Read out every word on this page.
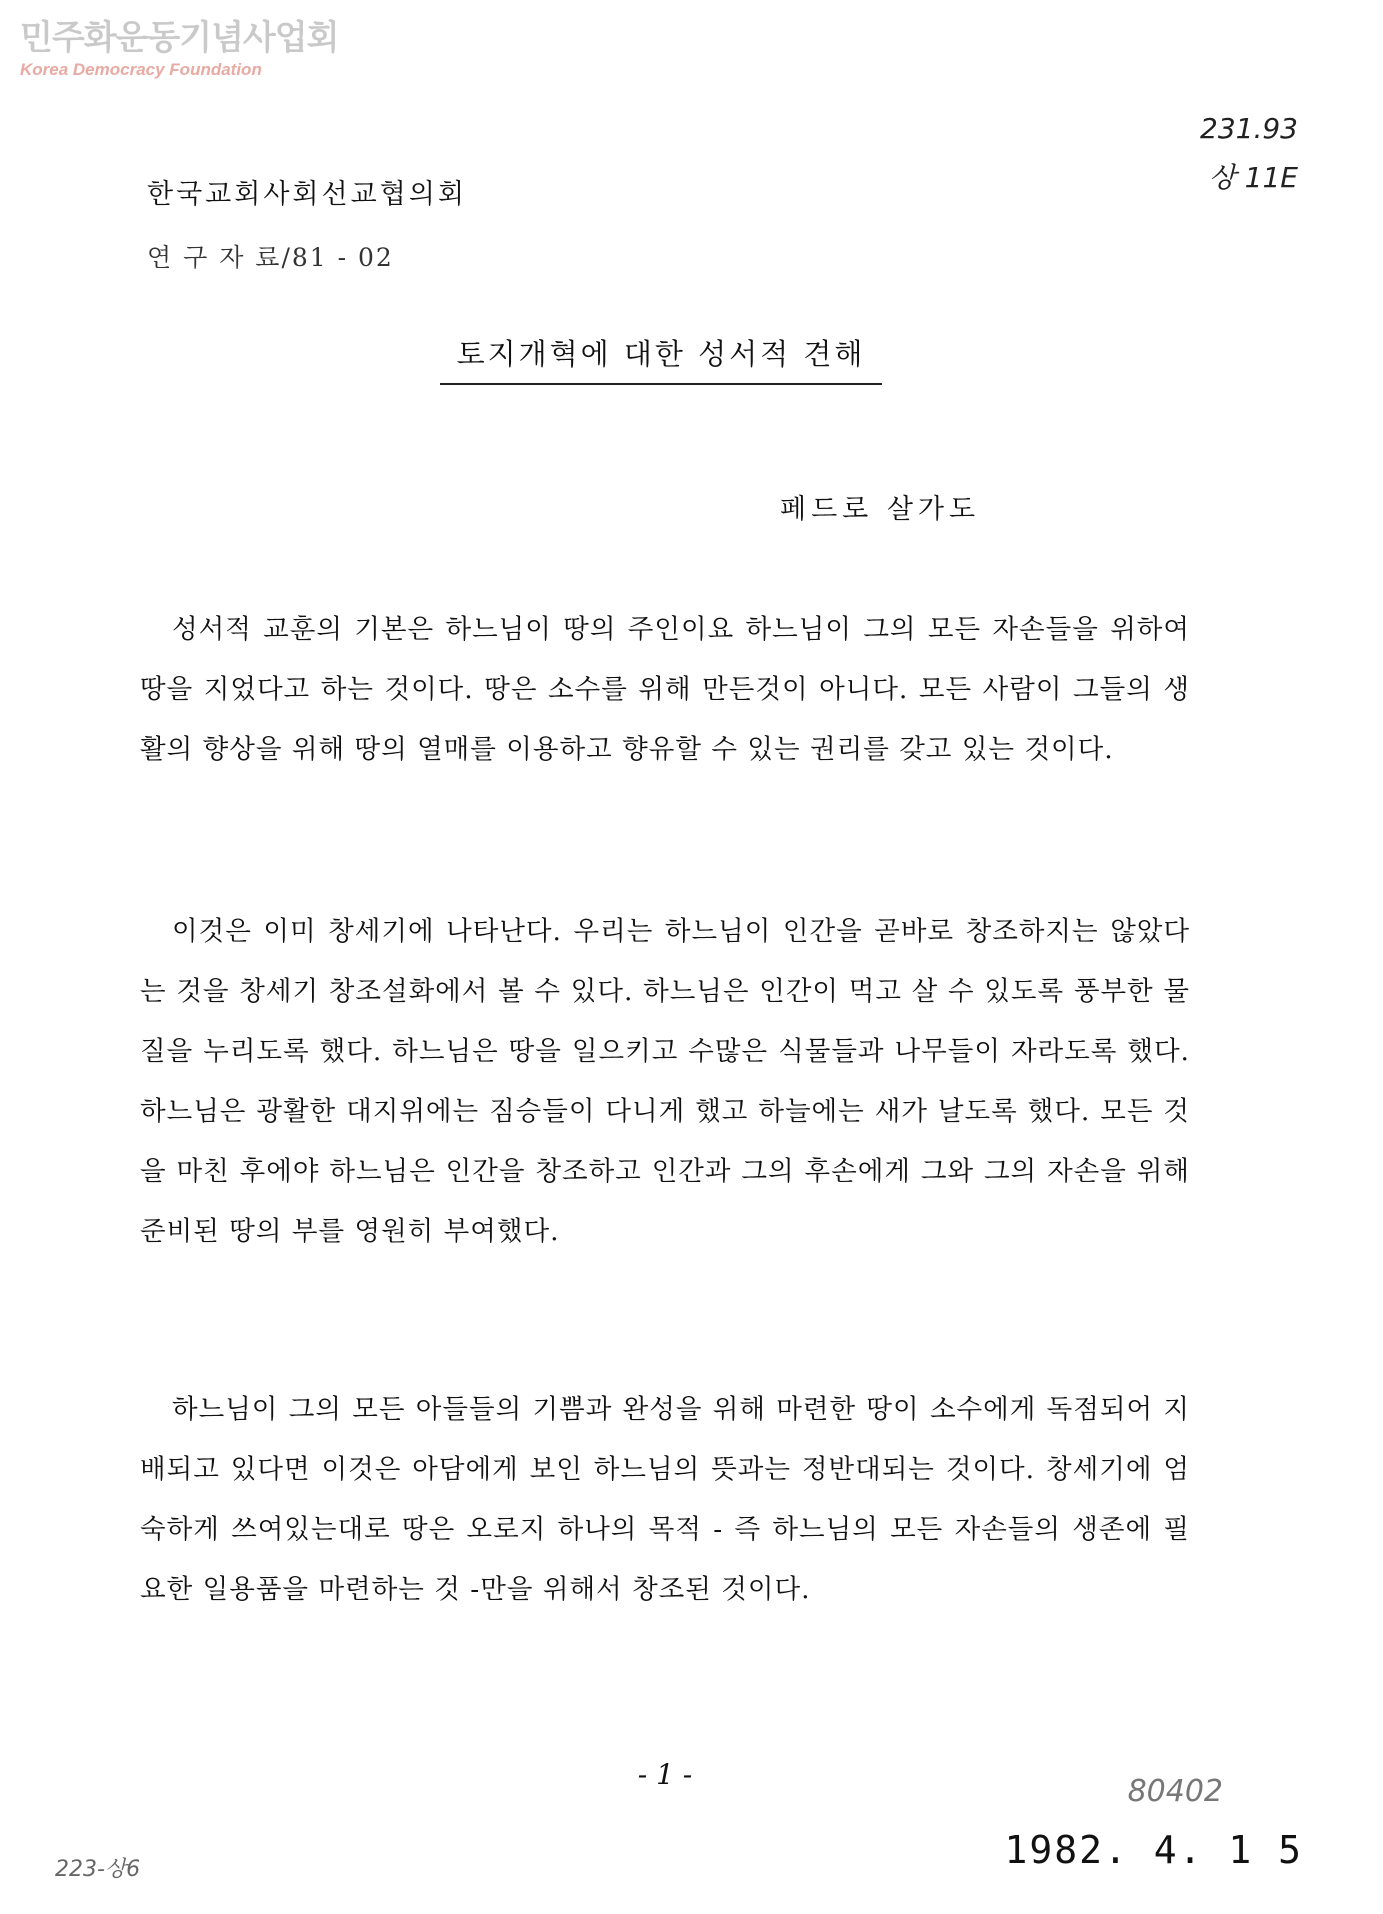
민주화운동기념사업회
Korea Democracy Foundation
231.93
상 11E
한국교회사회선교협의회
연 구 자 료/81 - 02
토지개혁에 대한 성서적 견해
페드로 살가도

성서적 교훈의 기본은 하느님이 땅의 주인이요 하느님이 그의 모든 자손들을 위하여 땅을 지었다고 하는 것이다. 땅은 소수를 위해 만든것이 아니다. 모든 사람이 그들의 생활의 향상을 위해 땅의 열매를 이용하고 향유할 수 있는 권리를 갖고 있는 것이다.

이것은 이미 창세기에 나타난다. 우리는 하느님이 인간을 곧바로 창조하지는 않았다는 것을 창세기 창조설화에서 볼 수 있다. 하느님은 인간이 먹고 살 수 있도록 풍부한 물질을 누리도록 했다. 하느님은 땅을 일으키고 수많은 식물들과 나무들이 자라도록 했다. 하느님은 광활한 대지위에는 짐승들이 다니게 했고 하늘에는 새가 날도록 했다. 모든 것을 마친 후에야 하느님은 인간을 창조하고 인간과 그의 후손에게 그와 그의 자손을 위해 준비된 땅의 부를 영원히 부여했다.

하느님이 그의 모든 아들들의 기쁨과 완성을 위해 마련한 땅이 소수에게 독점되어 지배되고 있다면 이것은 아담에게 보인 하느님의 뜻과는 정반대되는 것이다. 창세기에 엄숙하게 쓰여있는대로 땅은 오로지 하나의 목적 - 즉 하느님의 모든 자손들의 생존에 필요한 일용품을 마련하는 것 -만을 위해서 창조된 것이다.

- 1 -	80402
1982. 4. 1 5
223-상6
